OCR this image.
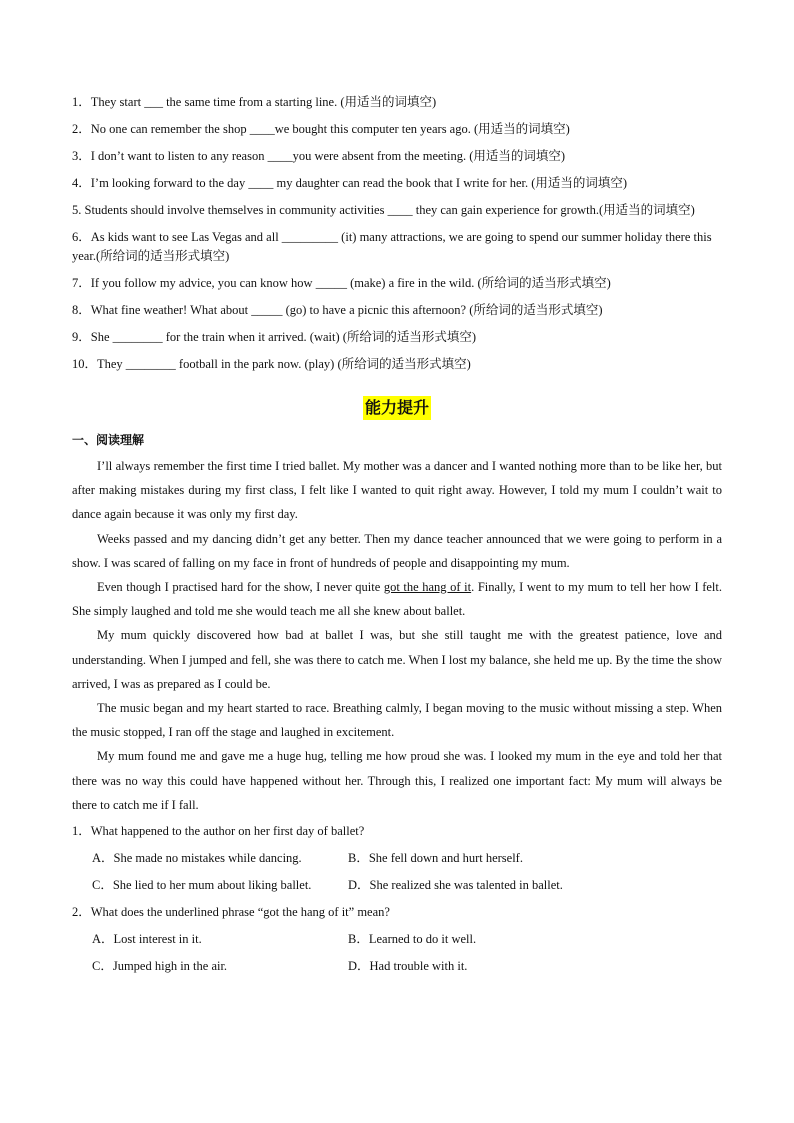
1．They start ___ the same time from a starting line. (用适当的词填空)
2．No one can remember the shop ____we bought this computer ten years ago. (用适当的词填空)
3．I don’t want to listen to any reason ____you were absent from the meeting. (用适当的词填空)
4．I’m looking forward to the day ____ my daughter can read the book that I write for her. (用适当的词填空)
5. Students should involve themselves in community activities ____ they can gain experience for growth.(用适当的词填空)
6．As kids want to see Las Vegas and all _________ (it) many attractions, we are going to spend our summer holiday there this year.(所给词的适当形式填空)
7．If you follow my advice, you can know how _____ (make) a fire in the wild. (所给词的适当形式填空)
8．What fine weather! What about _____ (go) to have a picnic this afternoon? (所给词的适当形式填空)
9．She ________ for the train when it arrived. (wait) (所给词的适当形式填空)
10．They ________ football in the park now. (play) (所给词的适当形式填空)
能力提升
一、阅读理解
I’ll always remember the first time I tried ballet. My mother was a dancer and I wanted nothing more than to be like her, but after making mistakes during my first class, I felt like I wanted to quit right away. However, I told my mum I couldn’t wait to dance again because it was only my first day.
Weeks passed and my dancing didn’t get any better. Then my dance teacher announced that we were going to perform in a show. I was scared of falling on my face in front of hundreds of people and disappointing my mum.
Even though I practised hard for the show, I never quite got the hang of it. Finally, I went to my mum to tell her how I felt. She simply laughed and told me she would teach me all she knew about ballet.
My mum quickly discovered how bad at ballet I was, but she still taught me with the greatest patience, love and understanding. When I jumped and fell, she was there to catch me. When I lost my balance, she held me up. By the time the show arrived, I was as prepared as I could be.
The music began and my heart started to race. Breathing calmly, I began moving to the music without missing a step. When the music stopped, I ran off the stage and laughed in excitement.
My mum found me and gave me a huge hug, telling me how proud she was. I looked my mum in the eye and told her that there was no way this could have happened without her. Through this, I realized one important fact: My mum will always be there to catch me if I fall.
1．What happened to the author on her first day of ballet?
A．She made no mistakes while dancing.	B．She fell down and hurt herself.
C．She lied to her mum about liking ballet.	D．She realized she was talented in ballet.
2．What does the underlined phrase “got the hang of it” mean?
A．Lost interest in it.	B．Learned to do it well.
C．Jumped high in the air.	D．Had trouble with it.
